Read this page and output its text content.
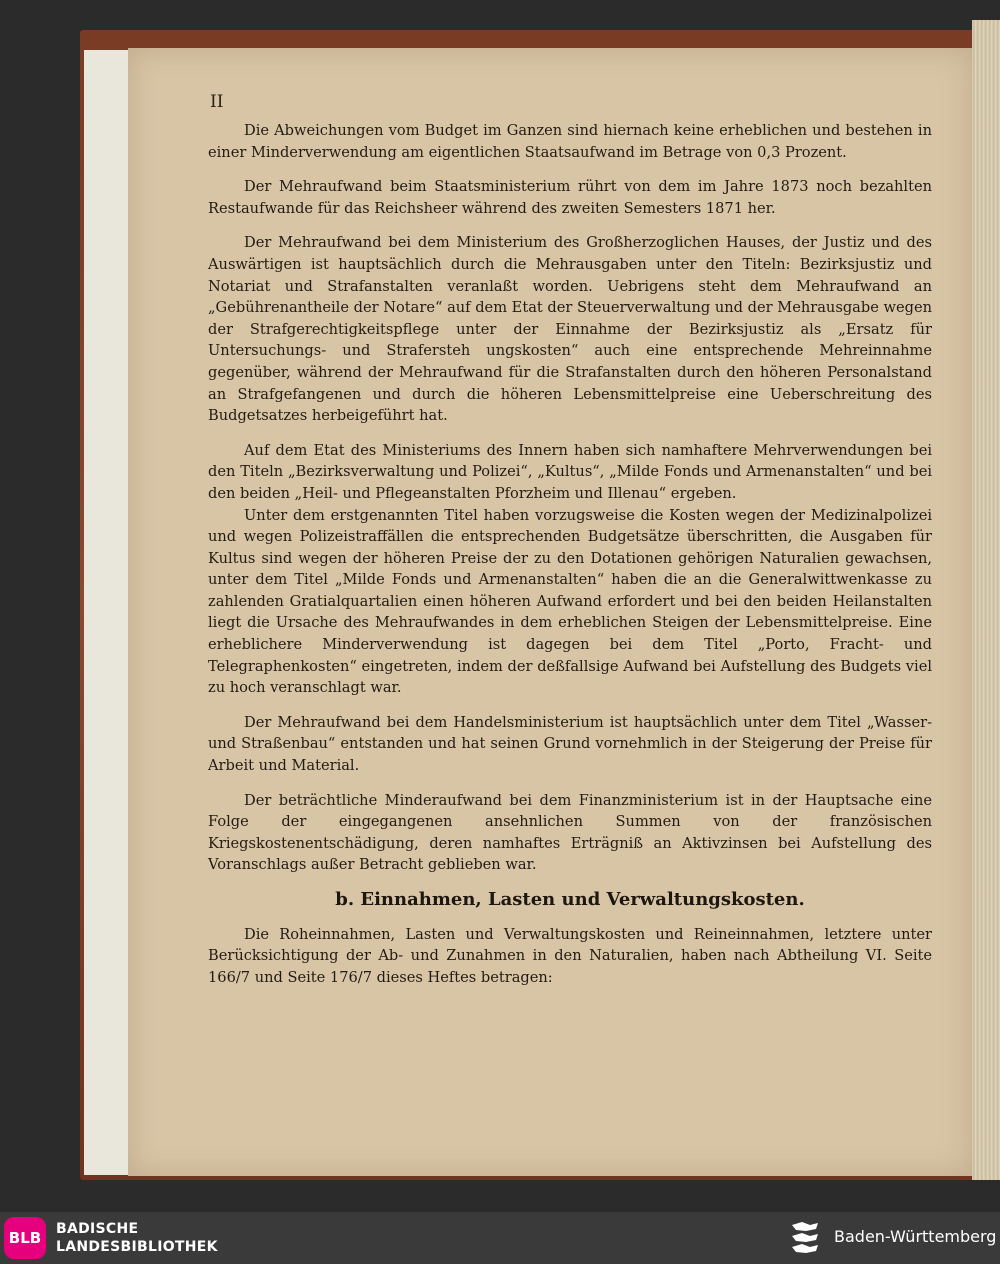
II

Die Abweichungen vom Budget im Ganzen sind hiernach keine erheblichen und bestehen in einer Minderverwendung am eigentlichen Staatsaufwand im Betrage von 0,3 Prozent.

Der Mehraufwand beim Staatsministerium rührt von dem im Jahre 1873 noch bezahlten Restaufwande für das Reichsheer während des zweiten Semesters 1871 her.

Der Mehraufwand bei dem Ministerium des Großherzoglichen Hauses, der Justiz und des Auswärtigen ist hauptsächlich durch die Mehrausgaben unter den Titeln: Bezirksjustiz und Notariat und Strafanstalten veranlaßt worden. Uebrigens steht dem Mehraufwand an „Gebührenantheile der Notare“ auf dem Etat der Steuerverwaltung und der Mehrausgabe wegen der Strafgerechtigkeitspflege unter der Einnahme der Bezirksjustiz als „Ersatz für Untersuchungs- und Strafersteh ungskosten“ auch eine entsprechende Mehreinnahme gegenüber, während der Mehraufwand für die Strafanstalten durch den höheren Personalstand an Strafgefangenen und durch die höheren Lebensmittelpreise eine Ueberschreitung des Budgetsatzes herbeigeführt hat.

Auf dem Etat des Ministeriums des Innern haben sich namhaftere Mehrverwendungen bei den Titeln „Bezirksverwaltung und Polizei“, „Kultus“, „Milde Fonds und Armenanstalten“ und bei den beiden „Heil- und Pflegeanstalten Pforzheim und Illenau“ ergeben.

Unter dem erstgenannten Titel haben vorzugsweise die Kosten wegen der Medizinalpolizei und wegen Polizeistraffällen die entsprechenden Budgetsätze überschritten, die Ausgaben für Kultus sind wegen der höheren Preise der zu den Dotationen gehörigen Naturalien gewachsen, unter dem Titel „Milde Fonds und Armenanstalten“ haben die an die Generalwittwenkasse zu zahlenden Gratialquartalien einen höheren Aufwand erfordert und bei den beiden Heilanstalten liegt die Ursache des Mehraufwandes in dem erheblichen Steigen der Lebensmittelpreise. Eine erheblichere Minderverwendung ist dagegen bei dem Titel „Porto, Fracht- und Telegraphenkosten“ eingetreten, indem der deßfallsige Aufwand bei Aufstellung des Budgets viel zu hoch veranschlagt war.

Der Mehraufwand bei dem Handelsministerium ist hauptsächlich unter dem Titel „Wasser- und Straßenbau“ entstanden und hat seinen Grund vornehmlich in der Steigerung der Preise für Arbeit und Material.

Der beträchtliche Minderaufwand bei dem Finanzministerium ist in der Hauptsache eine Folge der eingegangenen ansehnlichen Summen von der französischen Kriegskostenentschädigung, deren namhaftes Erträgniß an Aktivzinsen bei Aufstellung des Voranschlags außer Betracht geblieben war.

b. Einnahmen, Lasten und Verwaltungskosten.

Die Roheinnahmen, Lasten und Verwaltungskosten und Reineinnahmen, letztere unter Berücksichtigung der Ab- und Zunahmen in den Naturalien, haben nach Abtheilung VI. Seite 166/7 und Seite 176/7 dieses Heftes betragen:

BLB	BADISCHE
LANDESBIBLIOTHEK
Baden-Württemberg
